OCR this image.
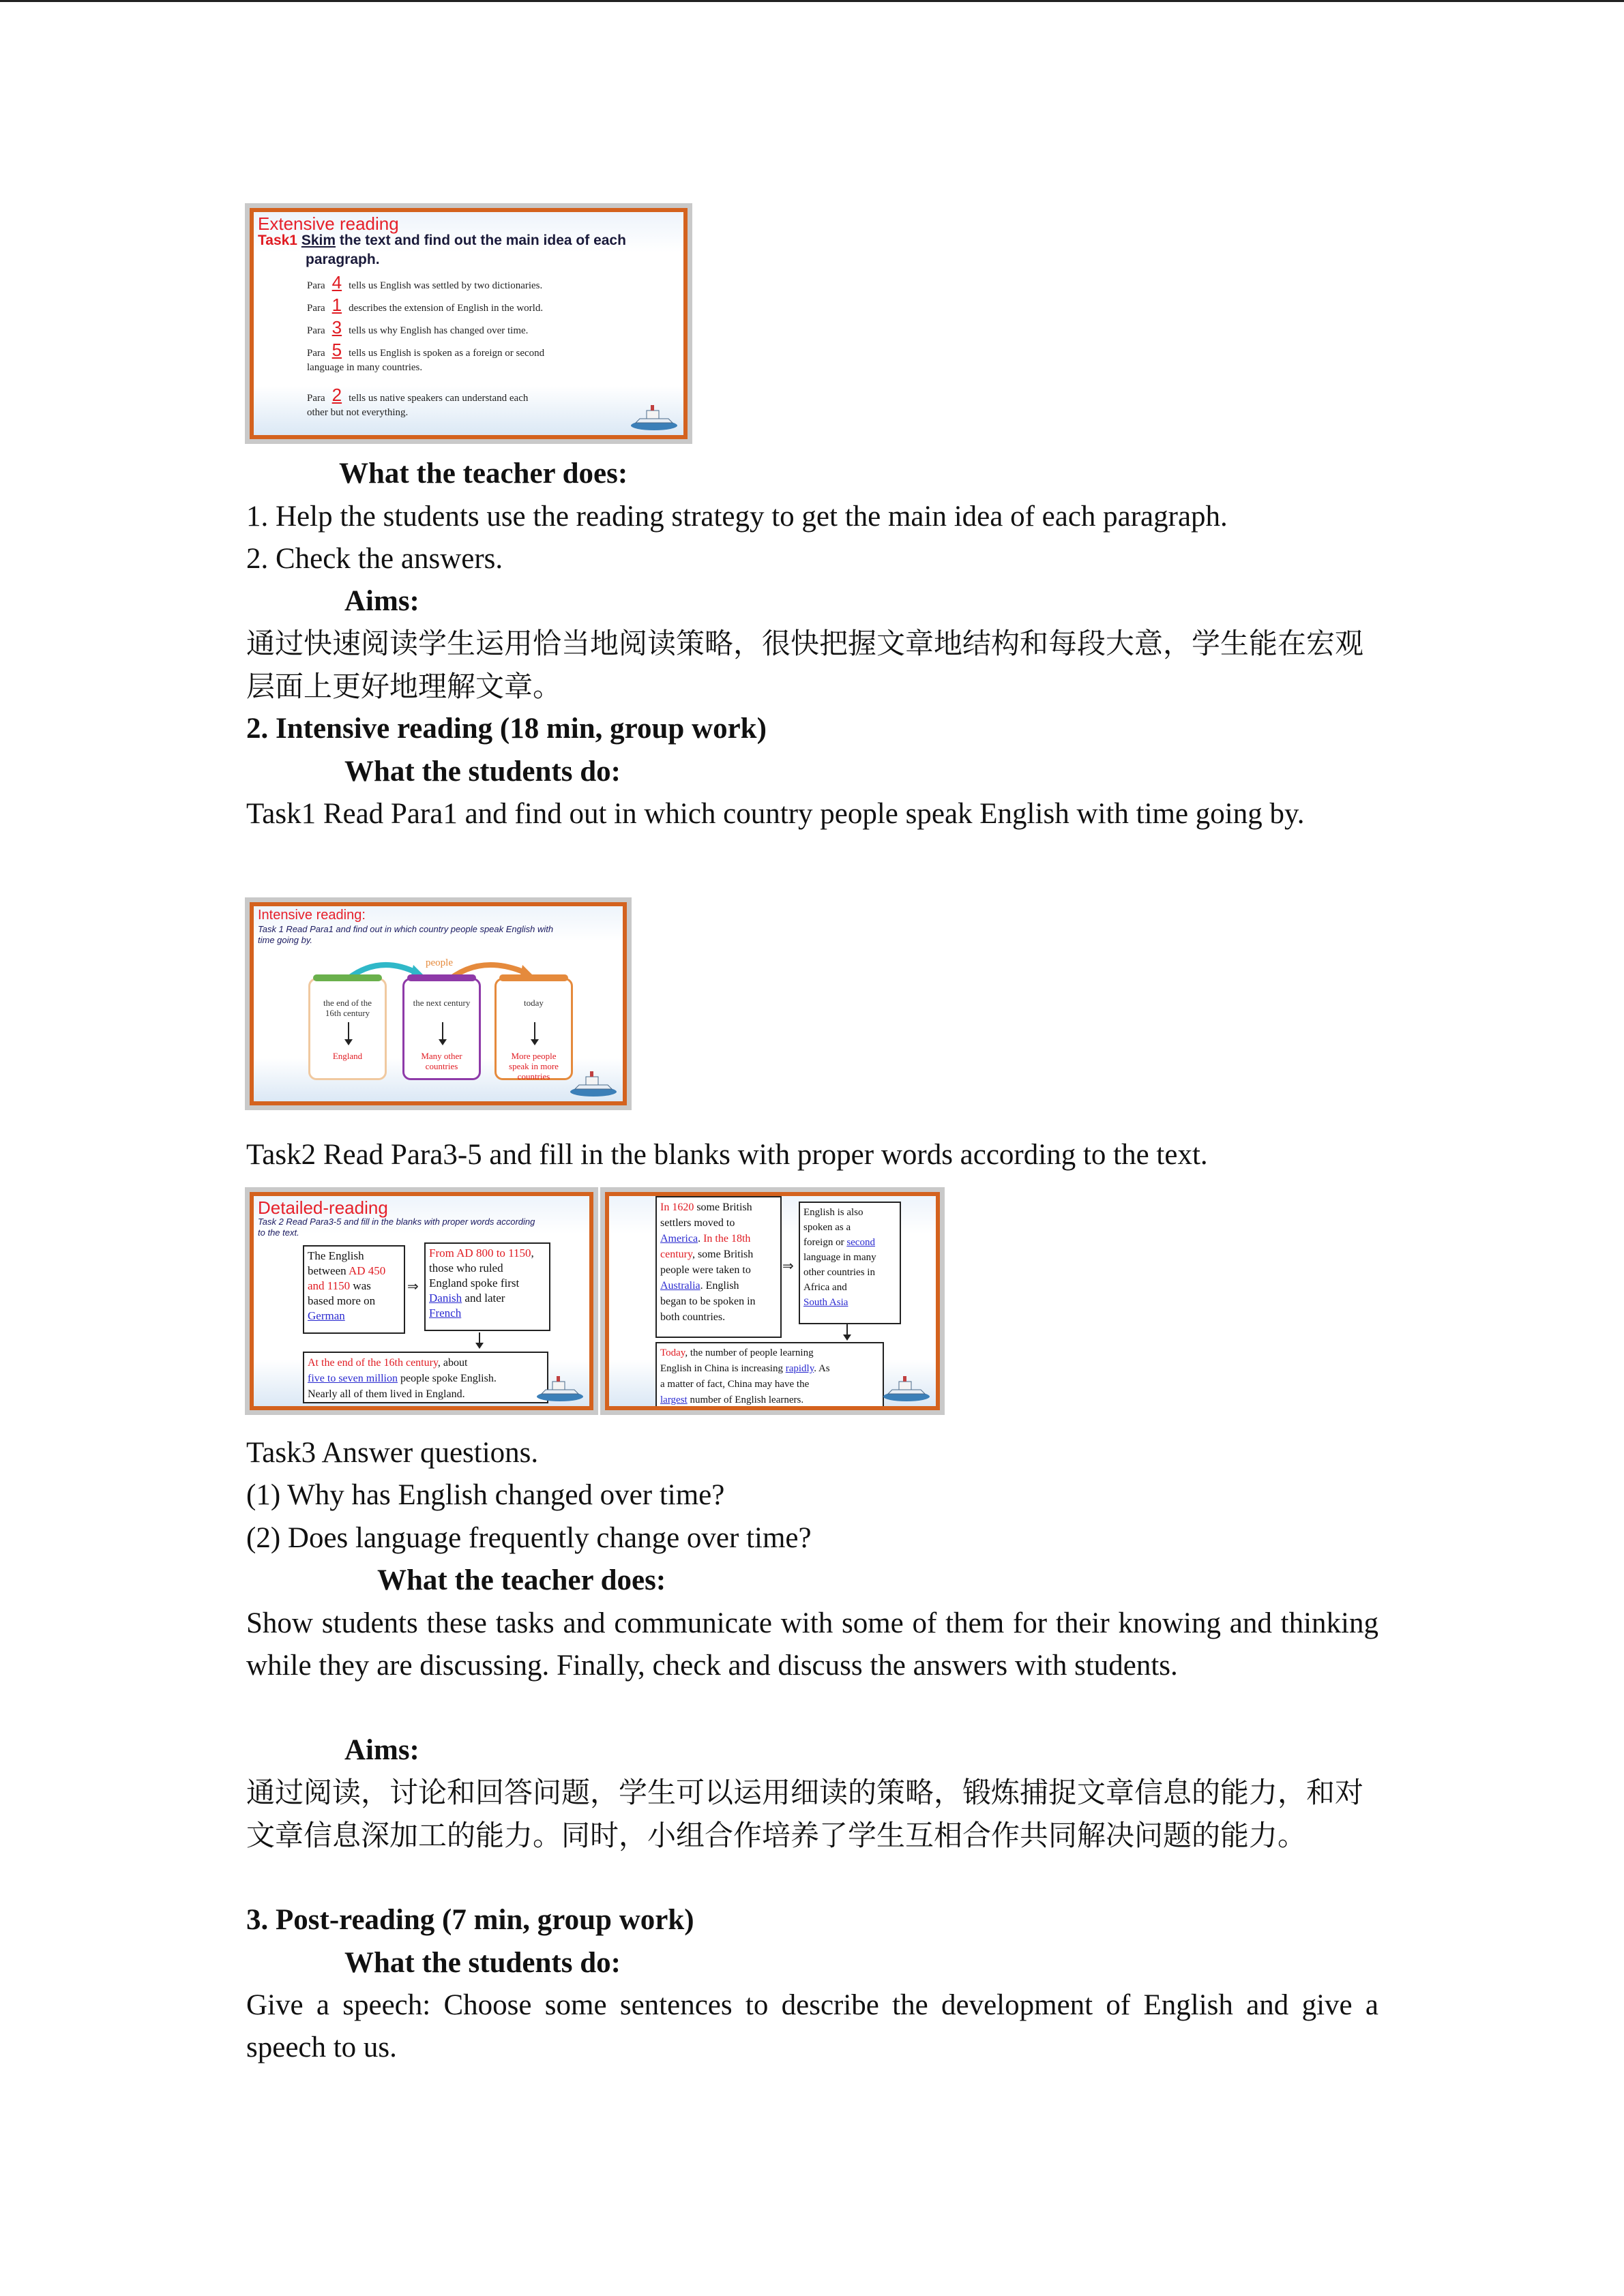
Extensive reading
Task1 Skim the text and find out the main idea of each
paragraph.
Para 4 tells us English was settled by two dictionaries.
Para 1 describes the extension of English in the world.
Para 3 tells us why English has changed over time.
Para 5 tells us English is spoken as a foreign or second
language in many countries.
Para 2 tells us native speakers can understand each
other but not everything.
What the teacher does:
1. Help the students use the reading strategy to get the main idea of each paragraph.
2. Check the answers.
Aims:
通过快速阅读学生运用恰当地阅读策略，很快把握文章地结构和每段大意，学生能在宏观层面上更好地理解文章。
2. Intensive reading (18 min, group work)
What the students do:
Task1 Read Para1 and find out in which country people speak English with time going by.
Intensive reading:
Task 1 Read Para1 and find out in which country people speak English with
time going by.
people
the end of the 16th century
England
the next century
Many other countries
today
More people speak in more countries
Task2 Read Para3-5 and fill in the blanks with proper words according to the text.
Detailed-reading
Task 2 Read Para3-5 and fill in the blanks with proper words according
to the text.
The English
between AD 450
and 1150 was
based more on
German
⇒
From AD 800 to 1150,
those who ruled
England spoke first
Danish and later
French
At the end of the 16th century, about
five to seven million people spoke English.
Nearly all of them lived in England.
In 1620 some British
settlers moved to
America. In the 18th
century, some British
people were taken to
Australia. English
began to be spoken in
both countries.
⇒
English is also
spoken as a
foreign or second
language in many
other countries in
Africa and
South Asia
Today, the number of people learning
English in China is increasing rapidly. As
a matter of fact, China may have the
largest number of English learners.
Task3 Answer questions.
(1) Why has English changed over time?
(2) Does language frequently change over time?
What the teacher does:
Show students these tasks and communicate with some of them for their knowing and thinking while they are discussing. Finally, check and discuss the answers with students.
Aims:
通过阅读，讨论和回答问题，学生可以运用细读的策略，锻炼捕捉文章信息的能力，和对文章信息深加工的能力。同时，小组合作培养了学生互相合作共同解决问题的能力。
3. Post-reading (7 min, group work)
What the students do:
Give a speech: Choose some sentences to describe the development of English and give a speech to us.
